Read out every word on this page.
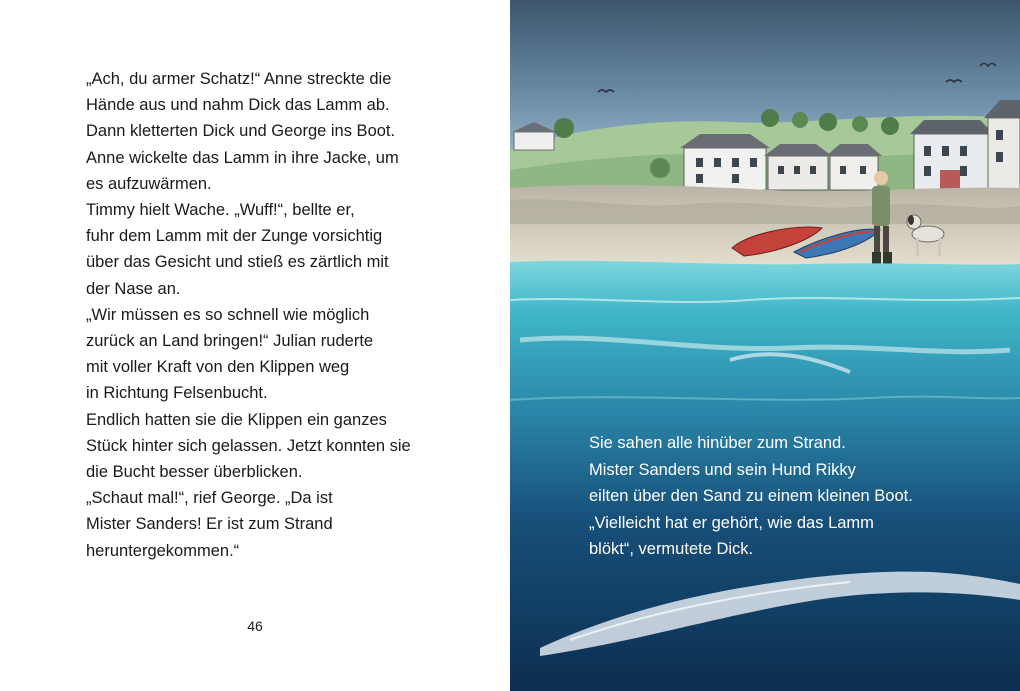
„Ach, du armer Schatz!“ Anne streckte die
Hände aus und nahm Dick das Lamm ab.
Dann kletterten Dick und George ins Boot.
Anne wickelte das Lamm in ihre Jacke, um
es aufzuwärmen.
Timmy hielt Wache. „Wuff!“, bellte er,
fuhr dem Lamm mit der Zunge vorsichtig
über das Gesicht und stieß es zärtlich mit
der Nase an.
„Wir müssen es so schnell wie möglich
zurück an Land bringen!“ Julian ruderte
mit voller Kraft von den Klippen weg
in Richtung Felsenbucht.
Endlich hatten sie die Klippen ein ganzes
Stück hinter sich gelassen. Jetzt konnten sie
die Bucht besser überblicken.
„Schaut mal!“, rief George. „Da ist
Mister Sanders! Er ist zum Strand
heruntergekommen.“
46
Sie sahen alle hinüber zum Strand.
Mister Sanders und sein Hund Rikky
eilten über den Sand zu einem kleinen Boot.
„Vielleicht hat er gehört, wie das Lamm
blökt“, vermutete Dick.
